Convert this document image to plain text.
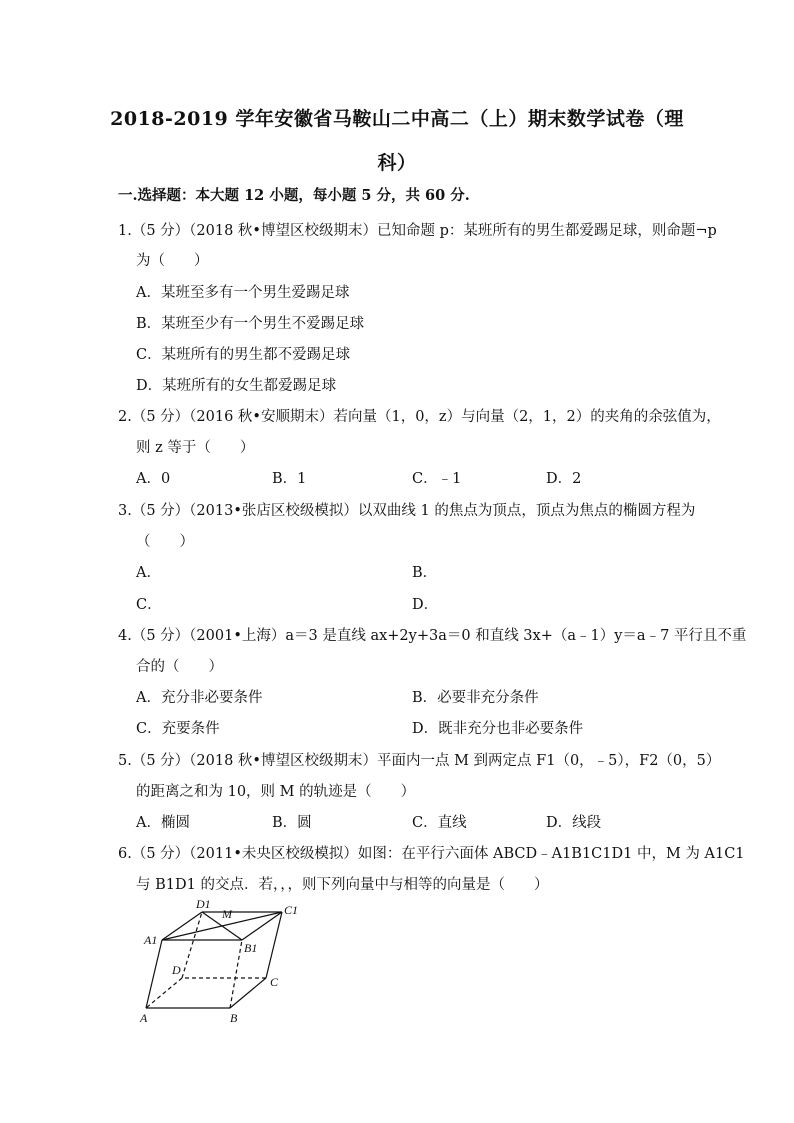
2018-2019 学年安徽省马鞍山二中高二（上）期末数学试卷（理
科）
一.选择题：本大题 12 小题，每小题 5 分，共 60 分.
1.（5 分）（2018 秋•博望区校级期末）已知命题 p：某班所有的男生都爱踢足球，则命题¬p
为（　　）
A．某班至多有一个男生爱踢足球
B．某班至少有一个男生不爱踢足球
C．某班所有的男生都不爱踢足球
D．某班所有的女生都爱踢足球
2.（5 分）（2016 秋•安顺期末）若向量（1，0，z）与向量（2，1，2）的夹角的余弦值为，
则 z 等于（　　）
A．0	B．1	C．﹣1	D．2
3.（5 分）（2013•张店区校级模拟）以双曲线 1 的焦点为顶点，顶点为焦点的椭圆方程为
（　　）
A．	B．
C．	D．
4.（5 分）（2001•上海）a＝3 是直线 ax+2y+3a＝0 和直线 3x+（a﹣1）y＝a﹣7 平行且不重
合的（　　）
A．充分非必要条件	B．必要非充分条件
C．充要条件	D．既非充分也非必要条件
5.（5 分）（2018 秋•博望区校级期末）平面内一点 M 到两定点 F1（0，﹣5），F2（0，5）
的距离之和为 10，则 M 的轨迹是（　　）
A．椭圆	B．圆	C．直线	D．线段
6.（5 分）（2011•未央区校级模拟）如图：在平行六面体 ABCD﹣A1B1C1D1 中，M 为 A1C1
与 B1D1 的交点．若，，，则下列向量中与相等的向量是（　　）
A	B
C
D
A1
B1
C1
D1
M
